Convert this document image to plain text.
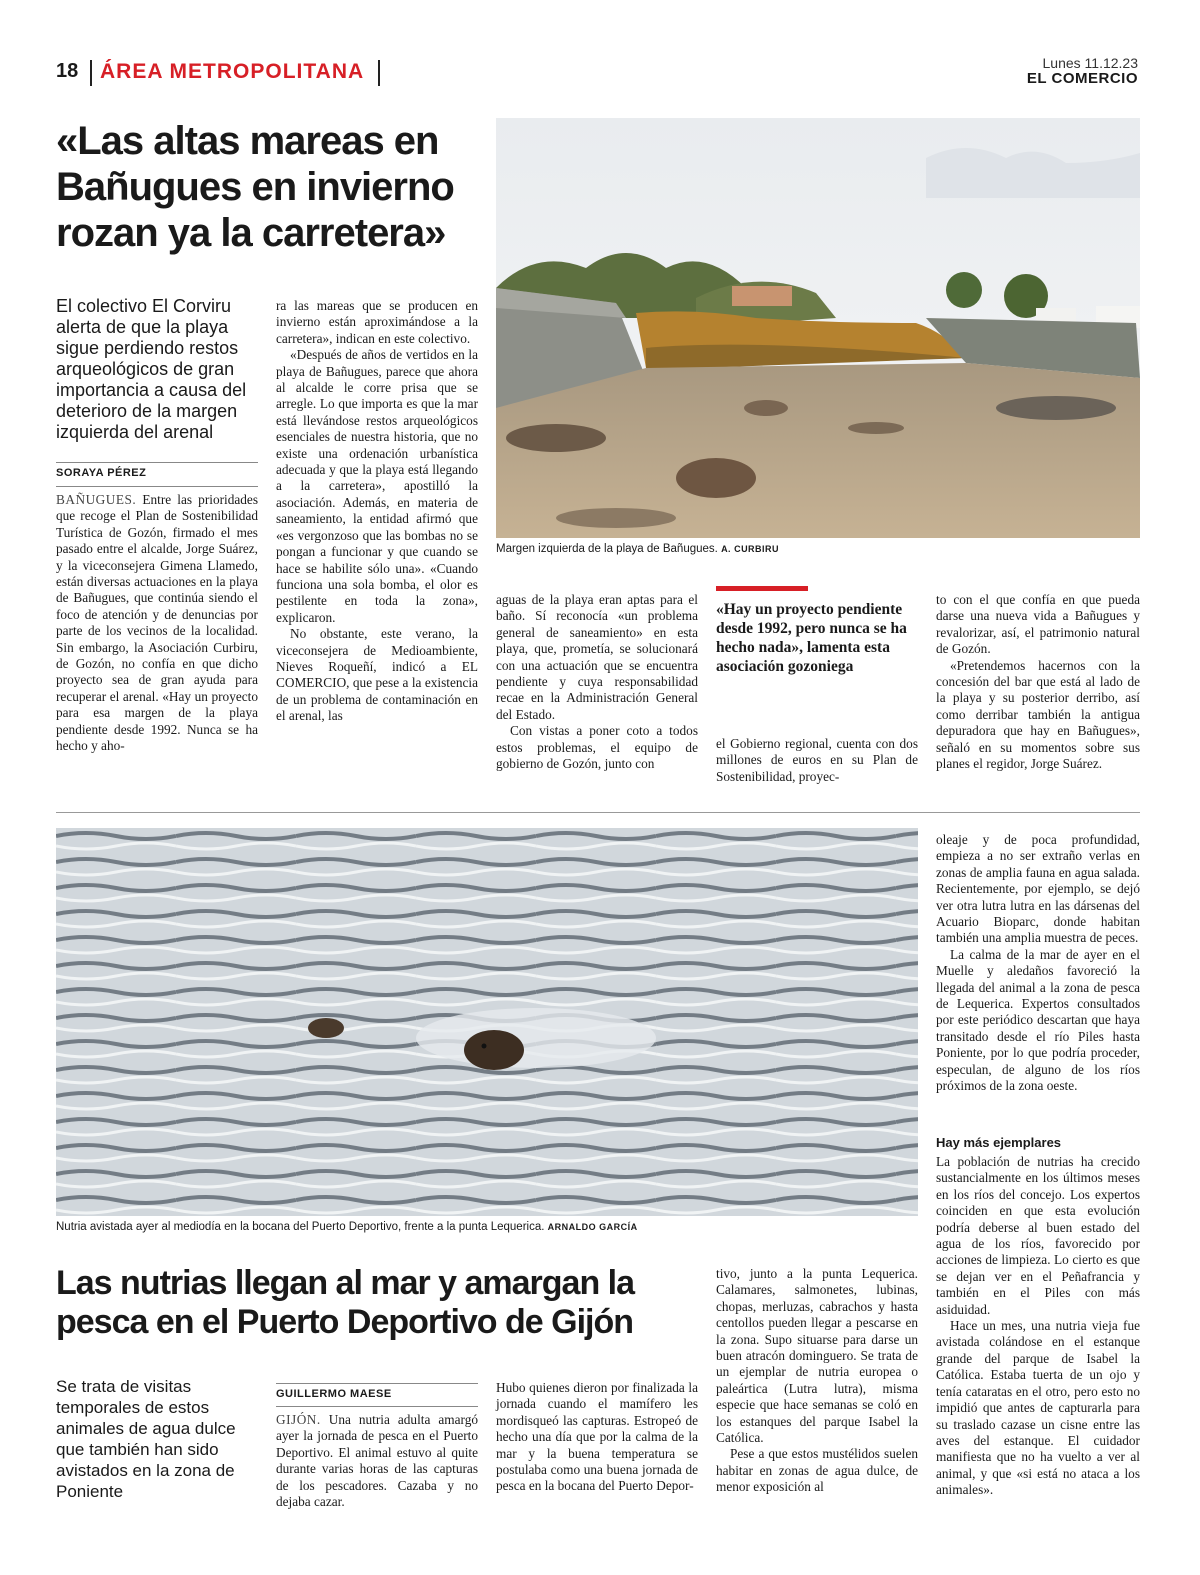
18 ÁREA METROPOLITANA	Lunes 11.12.23
EL COMERCIO
«Las altas mareas en Bañugues en invierno rozan ya la carretera»
El colectivo El Corviru alerta de que la playa sigue perdiendo restos arqueológicos de gran importancia a causa del deterioro de la margen izquierda del arenal
SORAYA PÉREZ

BAÑUGUES. Entre las prioridades que recoge el Plan de Sostenibilidad Turística de Gozón, firmado el mes pasado entre el alcalde, Jorge Suárez, y la viceconsejera Gimena Llamedo, están diversas actuaciones en la playa de Bañugues, que continúa siendo el foco de atención y de denuncias por parte de los vecinos de la localidad. Sin embargo, la Asociación Curbiru, de Gozón, no confía en que dicho proyecto sea de gran ayuda para recuperar el arenal. «Hay un proyecto para esa margen de la playa pendiente desde 1992. Nunca se ha hecho y aho-

ra las mareas que se producen en invierno están aproximándose a la carretera», indican en este colectivo.

«Después de años de vertidos en la playa de Bañugues, parece que ahora al alcalde le corre prisa que se arregle. Lo que importa es que la mar está llevándose restos arqueológicos esenciales de nuestra historia, que no existe una ordenación urbanística adecuada y que la playa está llegando a la carretera», apostilló la asociación. Además, en materia de saneamiento, la entidad afirmó que «es vergonzoso que las bombas no se pongan a funcionar y que cuando se hace se habilite sólo una». «Cuando funciona una sola bomba, el olor es pestilente en toda la zona», explicaron.

No obstante, este verano, la viceconsejera de Medioambiente, Nieves Roqueñí, indicó a EL COMERCIO, que pese a la existencia de un problema de contaminación en el arenal, las

Margen izquierda de la playa de Bañugues. A. CURBIRU

aguas de la playa eran aptas para el baño. Sí reconocía «un problema general de saneamiento» en esta playa, que, prometía, se solucionará con una actuación que se encuentra pendiente y cuya responsabilidad recae en la Administración General del Estado.

Con vistas a poner coto a todos estos problemas, el equipo de gobierno de Gozón, junto con

«Hay un proyecto pendiente desde 1992, pero nunca se ha hecho nada», lamenta esta asociación gozoniega

el Gobierno regional, cuenta con dos millones de euros en su Plan de Sostenibilidad, proyec-

to con el que confía en que pueda darse una nueva vida a Bañugues y revalorizar, así, el patrimonio natural de Gozón.

«Pretendemos hacernos con la concesión del bar que está al lado de la playa y su posterior derribo, así como derribar también la antigua depuradora que hay en Bañugues», señaló en su momentos sobre sus planes el regidor, Jorge Suárez.

Nutria avistada ayer al mediodía en la bocana del Puerto Deportivo, frente a la punta Lequerica. ARNALDO GARCÍA
Las nutrias llegan al mar y amargan la pesca en el Puerto Deportivo de Gijón
Se trata de visitas temporales de estos animales de agua dulce que también han sido avistados en la zona de Poniente
GUILLERMO MAESE

GIJÓN. Una nutria adulta amargó ayer la jornada de pesca en el Puerto Deportivo. El animal estuvo al quite durante varias horas de las capturas de los pescadores. Cazaba y no dejaba cazar.

Hubo quienes dieron por finalizada la jornada cuando el mamífero les mordisqueó las capturas. Estropeó de hecho una día que por la calma de la mar y la buena temperatura se postulaba como una buena jornada de pesca en la bocana del Puerto Depor-

tivo, junto a la punta Lequerica. Calamares, salmonetes, lubinas, chopas, merluzas, cabrachos y hasta centollos pueden llegar a pescarse en la zona. Supo situarse para darse un buen atracón dominguero. Se trata de un ejemplar de nutria europea o paleártica (Lutra lutra), misma especie que hace semanas se coló en los estanques del parque Isabel la Católica.

Pese a que estos mustélidos suelen habitar en zonas de agua dulce, de menor exposición al

oleaje y de poca profundidad, empieza a no ser extraño verlas en zonas de amplia fauna en agua salada. Recientemente, por ejemplo, se dejó ver otra lutra lutra en las dársenas del Acuario Bioparc, donde habitan también una amplia muestra de peces.

La calma de la mar de ayer en el Muelle y aledaños favoreció la llegada del animal a la zona de pesca de Lequerica. Expertos consultados por este periódico descartan que haya transitado desde el río Piles hasta Poniente, por lo que podría proceder, especulan, de alguno de los ríos próximos de la zona oeste.

Hay más ejemplares

La población de nutrias ha crecido sustancialmente en los últimos meses en los ríos del concejo. Los expertos coinciden en que esta evolución podría deberse al buen estado del agua de los ríos, favorecido por acciones de limpieza. Lo cierto es que se dejan ver en el Peñafrancia y también en el Piles con más asiduidad.

Hace un mes, una nutria vieja fue avistada colándose en el estanque grande del parque de Isabel la Católica. Estaba tuerta de un ojo y tenía cataratas en el otro, pero esto no impidió que antes de capturarla para su traslado cazase un cisne entre las aves del estanque. El cuidador manifiesta que no ha vuelto a ver al animal, y que «si está no ataca a los animales».
